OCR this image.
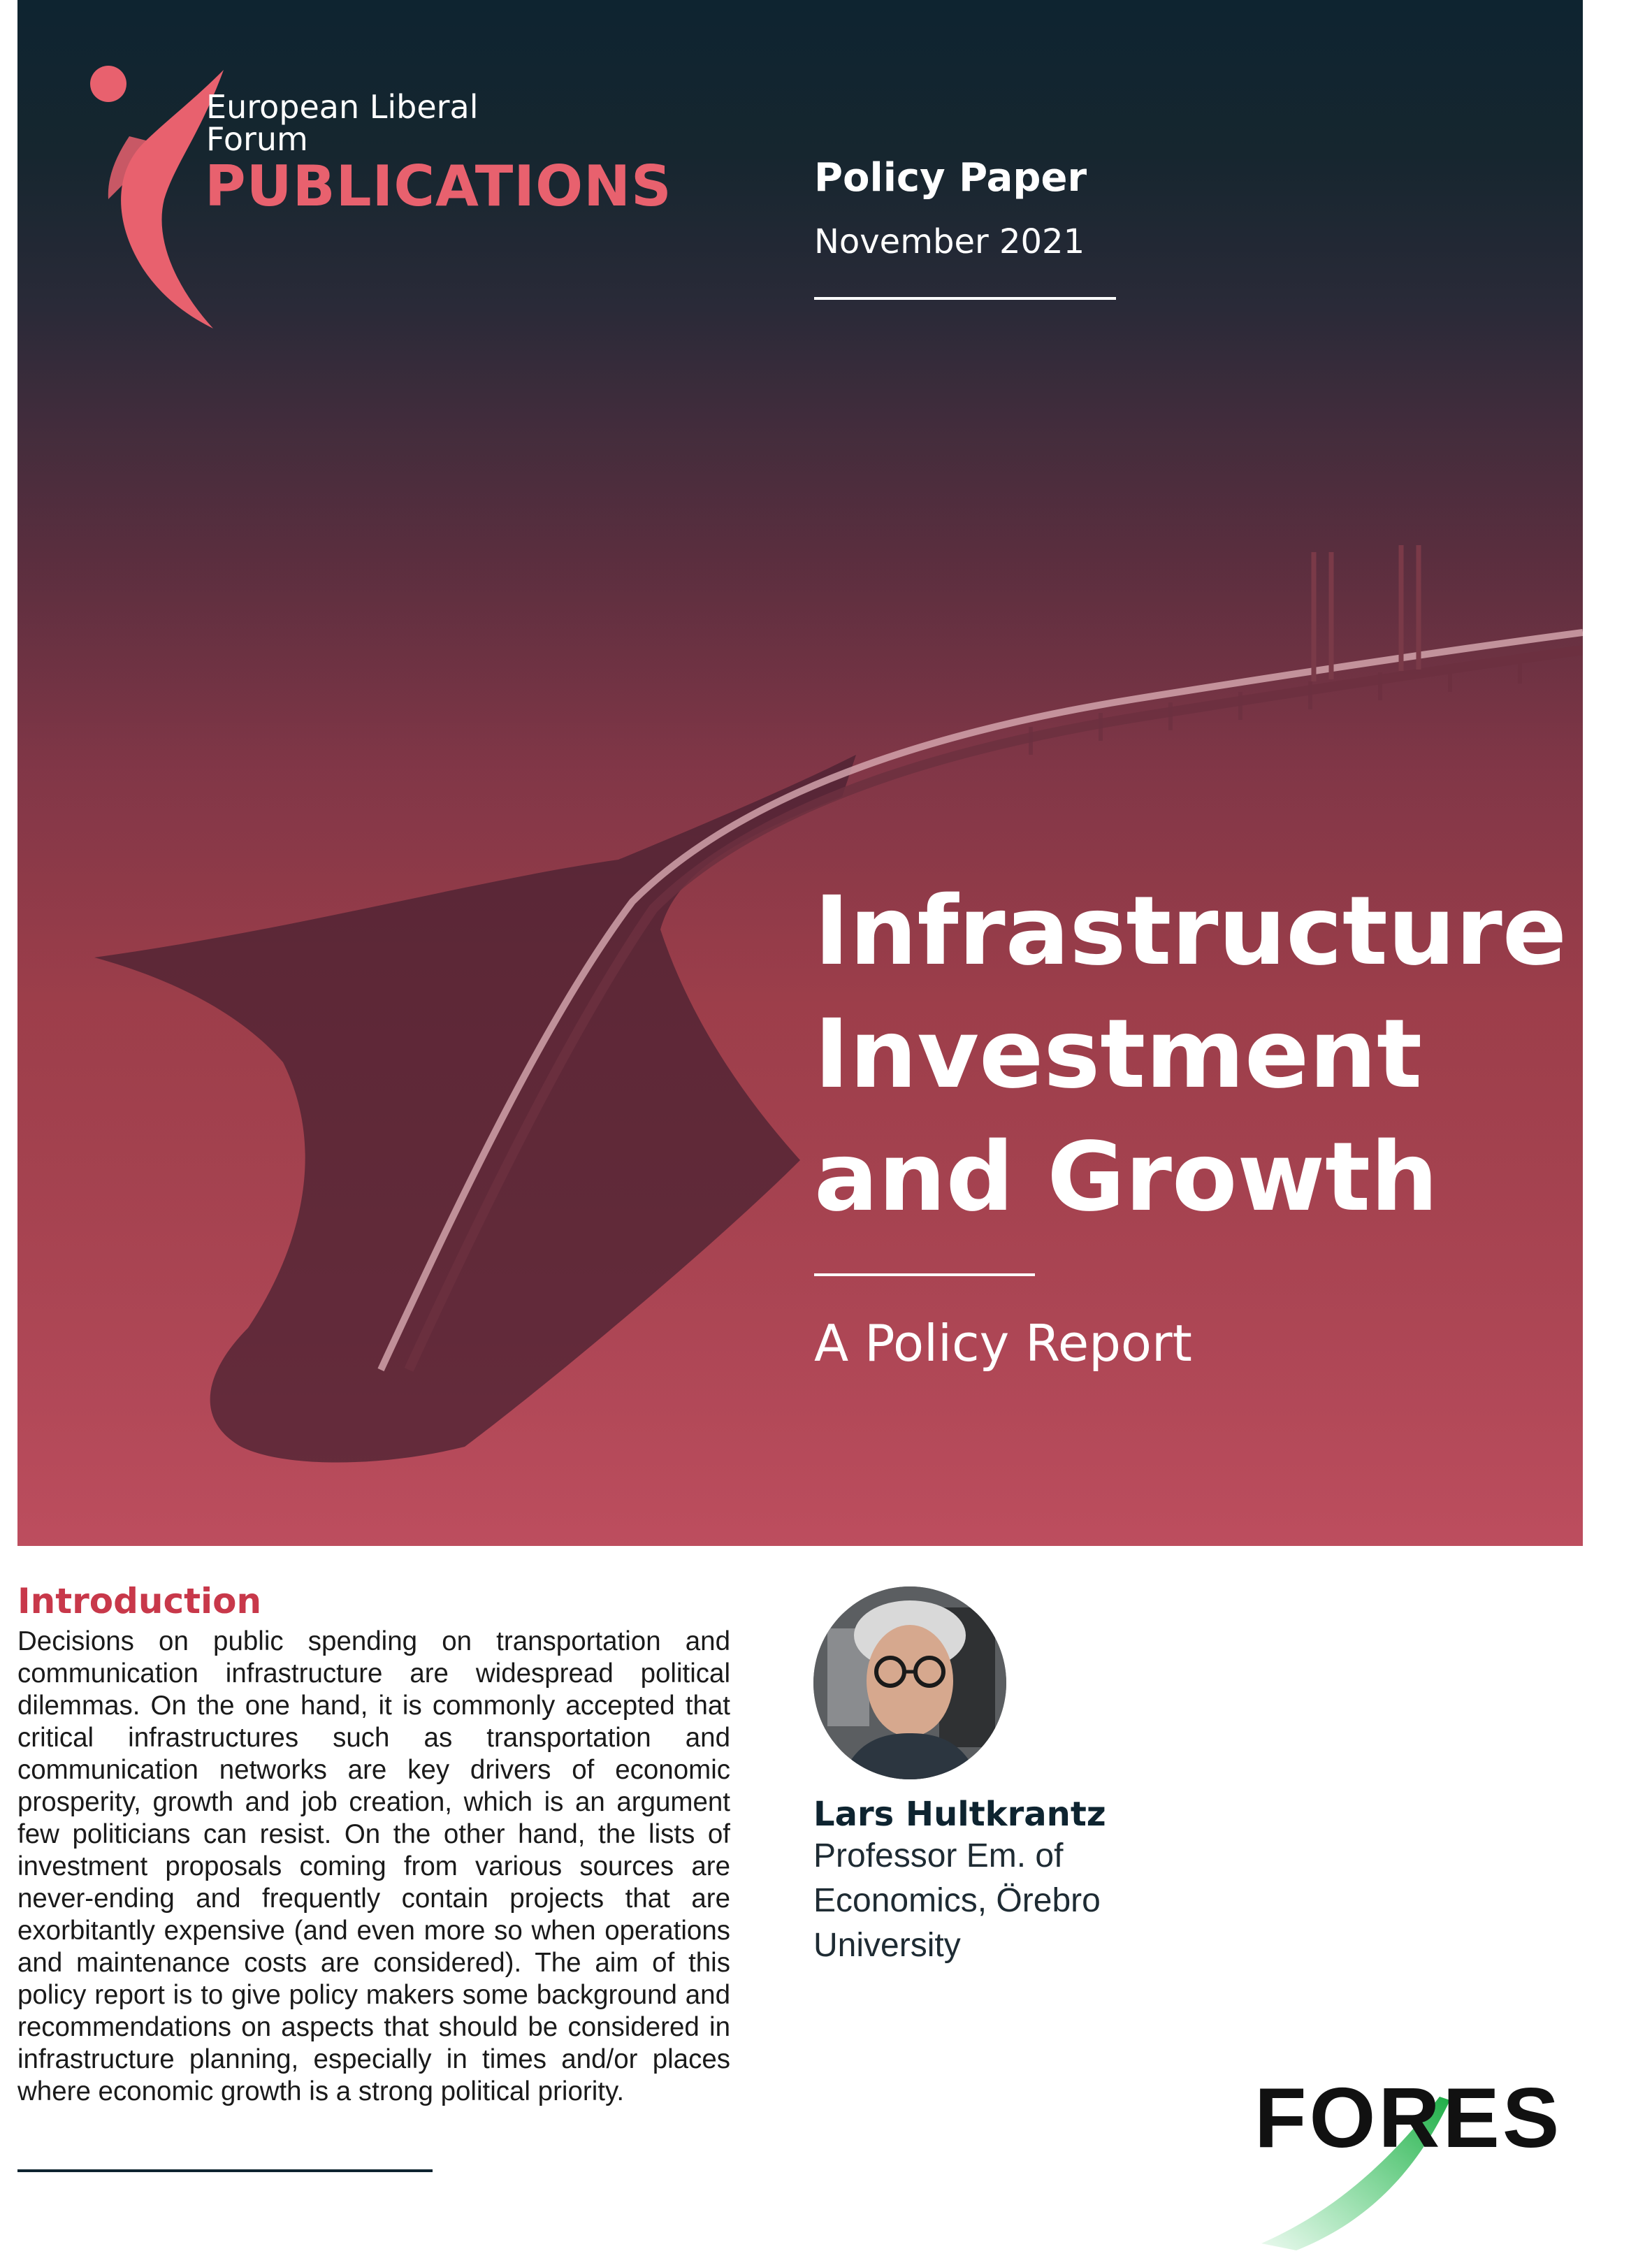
European Liberal
Forum
PUBLICATIONS	Policy Paper
November 2021
Infrastructure
Investment
and Growth
A Policy Report
Introduction
Decisions on public spending on transportation and communication infrastructure are widespread political dilemmas. On the one hand, it is commonly accepted that critical infrastructures such as transportation and communication networks are key drivers of economic prosperity, growth and job creation, which is an argument few politicians can resist. On the other hand, the lists of investment proposals coming from various sources are never-ending and frequently contain projects that are exorbitantly expensive (and even more so when operations and maintenance costs are considered). The aim of this policy report is to give policy makers some background and recommendations on aspects that should be considered in infrastructure planning, especially in times and/or places where economic growth is a strong political priority.
Lars Hultkrantz
Professor Em. of Economics, Örebro University
FORES
